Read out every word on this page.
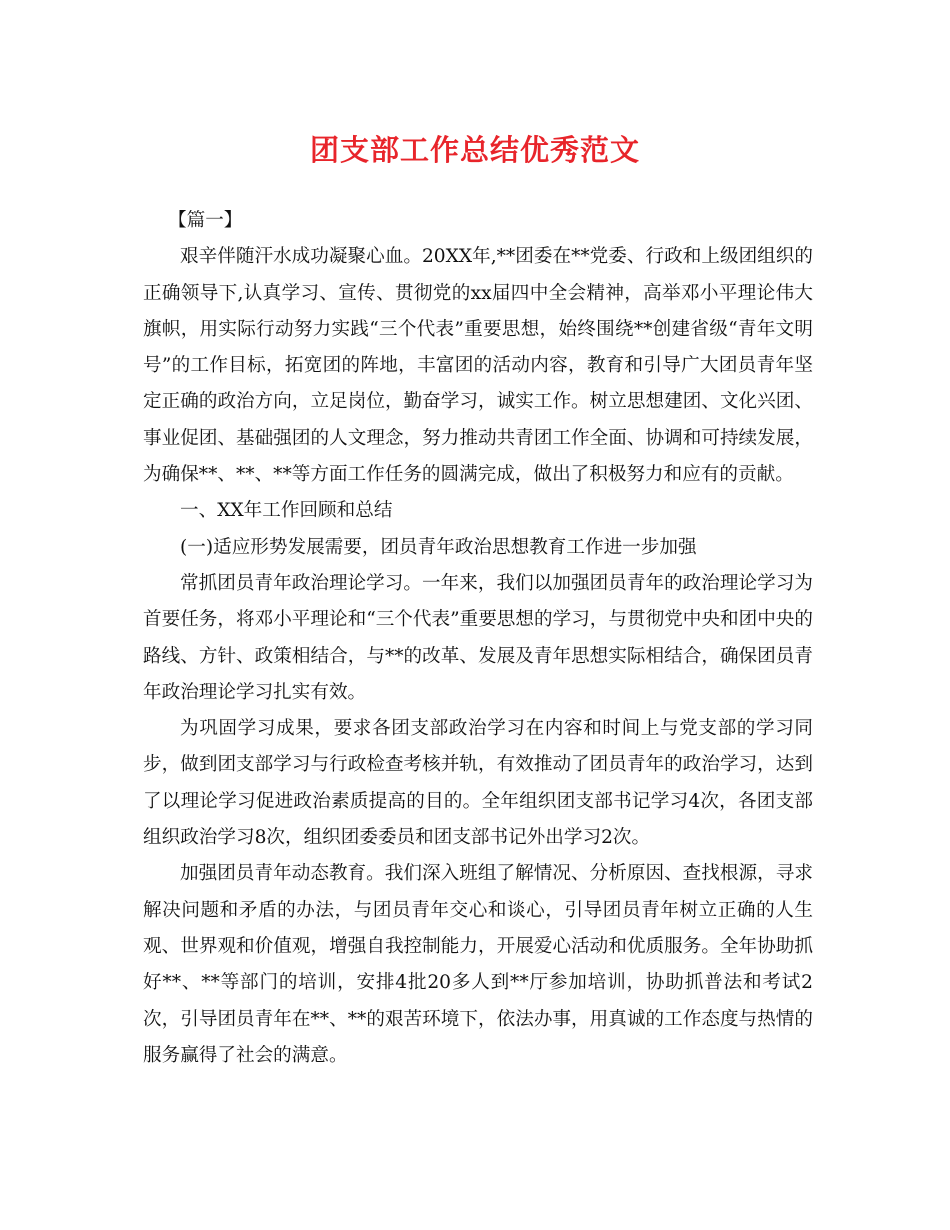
团支部工作总结优秀范文

【篇一】

艰辛伴随汗水成功凝聚心血。20XX年,**团委在**党委、行政和上级团组织的正确领导下,认真学习、宣传、贯彻党的xx届四中全会精神，高举邓小平理论伟大旗帜，用实际行动努力实践“三个代表”重要思想，始终围绕**创建省级“青年文明号”的工作目标，拓宽团的阵地，丰富团的活动内容，教育和引导广大团员青年坚定正确的政治方向，立足岗位，勤奋学习，诚实工作。树立思想建团、文化兴团、事业促团、基础强团的人文理念，努力推动共青团工作全面、协调和可持续发展，为确保**、**、**等方面工作任务的圆满完成，做出了积极努力和应有的贡献。

一、XX年工作回顾和总结

(一)适应形势发展需要，团员青年政治思想教育工作进一步加强

常抓团员青年政治理论学习。一年来，我们以加强团员青年的政治理论学习为首要任务，将邓小平理论和“三个代表”重要思想的学习，与贯彻党中央和团中央的路线、方针、政策相结合，与**的改革、发展及青年思想实际相结合，确保团员青年政治理论学习扎实有效。

为巩固学习成果，要求各团支部政治学习在内容和时间上与党支部的学习同步，做到团支部学习与行政检查考核并轨，有效推动了团员青年的政治学习，达到了以理论学习促进政治素质提高的目的。全年组织团支部书记学习4次，各团支部组织政治学习8次，组织团委委员和团支部书记外出学习2次。

加强团员青年动态教育。我们深入班组了解情况、分析原因、查找根源，寻求解决问题和矛盾的办法，与团员青年交心和谈心，引导团员青年树立正确的人生观、世界观和价值观，增强自我控制能力，开展爱心活动和优质服务。全年协助抓好**、**等部门的培训，安排4批20多人到**厅参加培训，协助抓普法和考试2次，引导团员青年在**、**的艰苦环境下，依法办事，用真诚的工作态度与热情的服务赢得了社会的满意。
